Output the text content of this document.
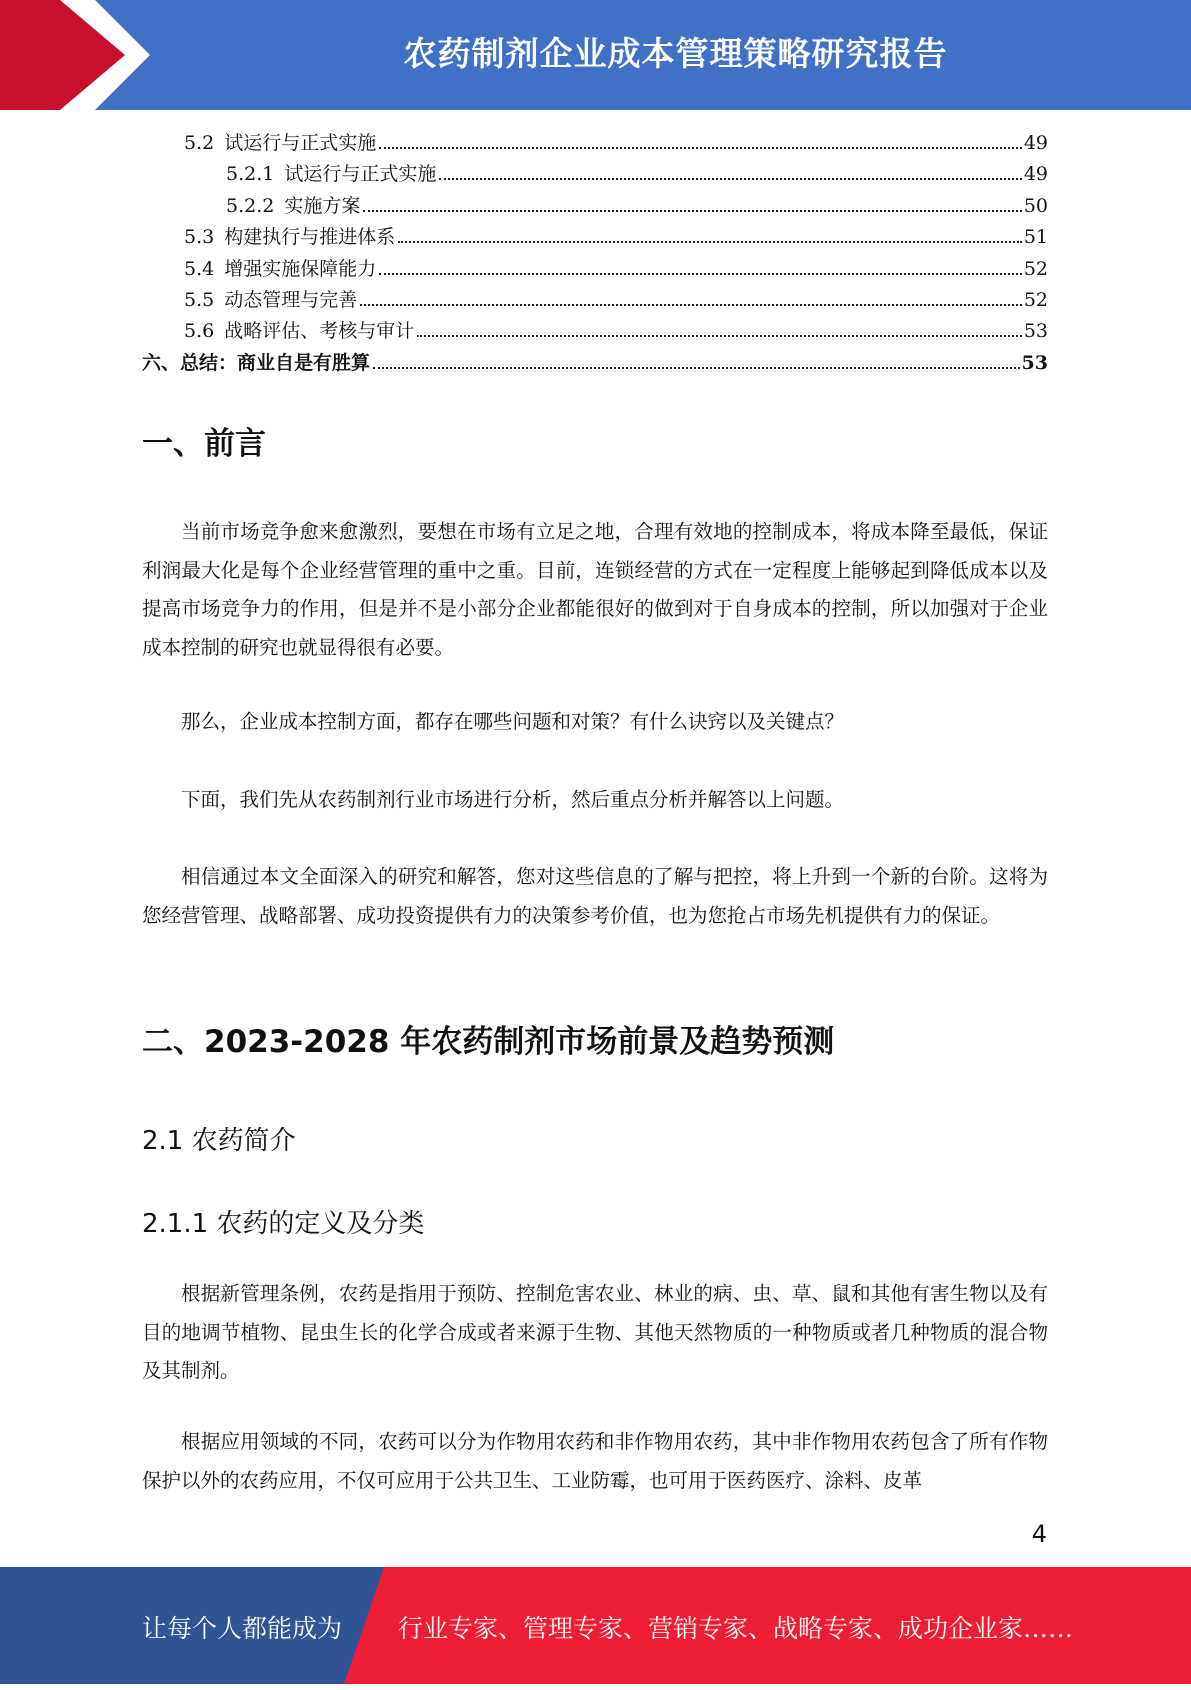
农药制剂企业成本管理策略研究报告
5.2 试运行与正式实施	49
5.2.1 试运行与正式实施	49
5.2.2 实施方案	50
5.3 构建执行与推进体系	51
5.4 增强实施保障能力	52
5.5 动态管理与完善	52
5.6 战略评估、考核与审计	53
六、总结：商业自是有胜算	53
一、前言

当前市场竞争愈来愈激烈，要想在市场有立足之地，合理有效地的控制成本，将成本降至最低，保证利润最大化是每个企业经营管理的重中之重。目前，连锁经营的方式在一定程度上能够起到降低成本以及提高市场竞争力的作用，但是并不是小部分企业都能很好的做到对于自身成本的控制，所以加强对于企业成本控制的研究也就显得很有必要。

那么，企业成本控制方面，都存在哪些问题和对策？有什么诀窍以及关键点？

下面，我们先从农药制剂行业市场进行分析，然后重点分析并解答以上问题。

相信通过本文全面深入的研究和解答，您对这些信息的了解与把控，将上升到一个新的台阶。这将为您经营管理、战略部署、成功投资提供有力的决策参考价值，也为您抢占市场先机提供有力的保证。

二、2023-2028 年农药制剂市场前景及趋势预测
2.1 农药简介
2.1.1 农药的定义及分类

根据新管理条例，农药是指用于预防、控制危害农业、林业的病、虫、草、鼠和其他有害生物以及有目的地调节植物、昆虫生长的化学合成或者来源于生物、其他天然物质的一种物质或者几种物质的混合物及其制剂。

根据应用领域的不同，农药可以分为作物用农药和非作物用农药，其中非作物用农药包含了所有作物保护以外的农药应用，不仅可应用于公共卫生、工业防霉，也可用于医药医疗、涂料、皮革

4
让每个人都能成为 行业专家、管理专家、营销专家、战略专家、成功企业家……
